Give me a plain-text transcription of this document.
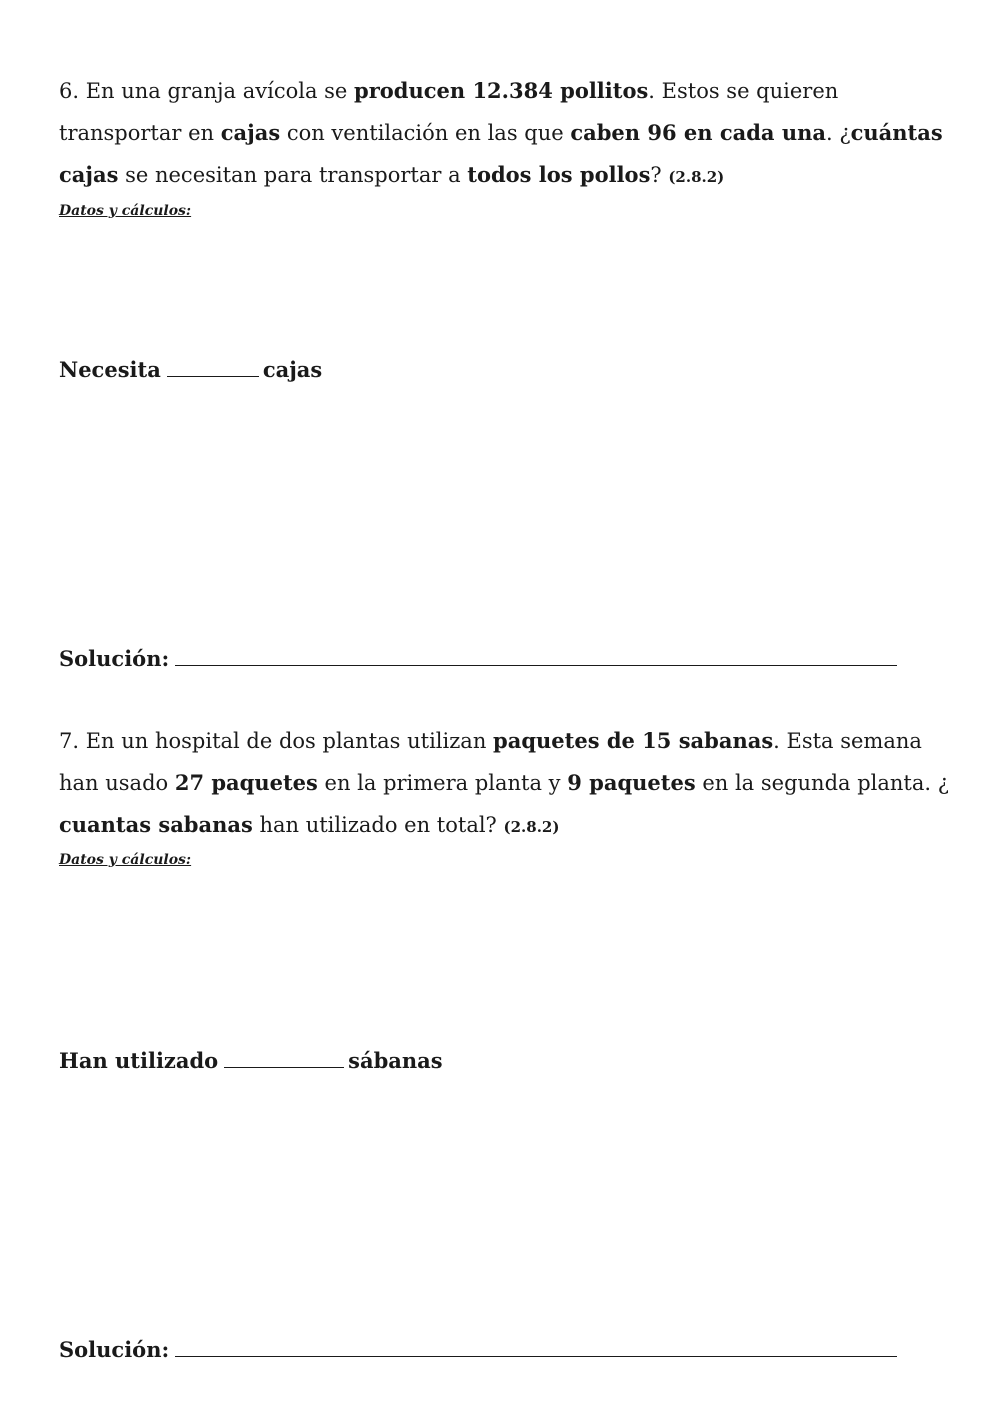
6. En una granja avícola se producen 12.384 pollitos. Estos se quieren transportar en cajas con ventilación en las que caben 96 en cada una. ¿cuántas cajas se necesitan para transportar a todos los pollos? (2.8.2)
Datos y cálculos:
Necesita	cajas
Solución:
7. En un hospital de dos plantas utilizan paquetes de 15 sabanas. Esta semana han usado 27 paquetes en la primera planta y 9 paquetes en la segunda planta. ¿ cuantas sabanas han utilizado en total? (2.8.2)
Datos y cálculos:
Han utilizado	sábanas
Solución:
